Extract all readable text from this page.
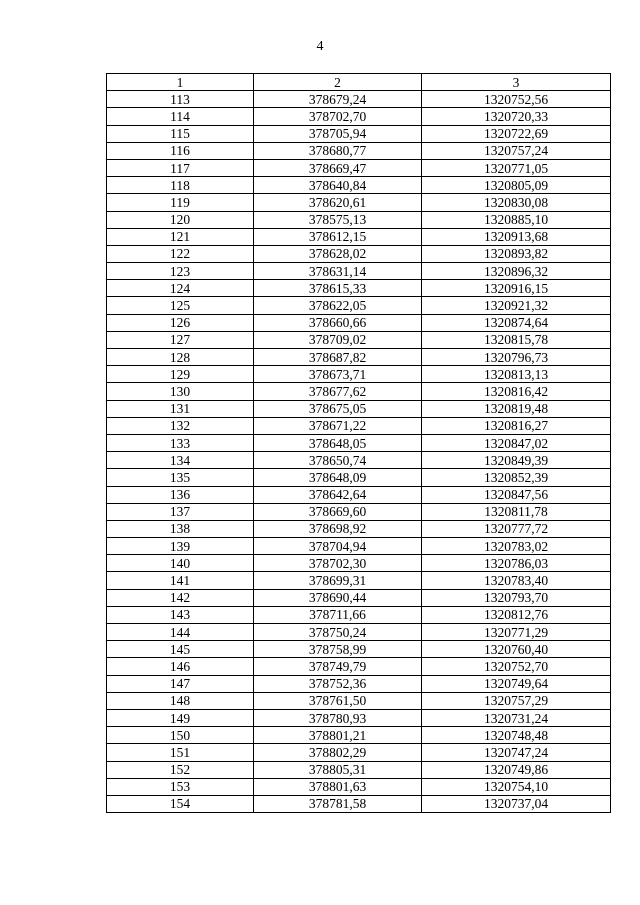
4
1	2	3
113	378679,24	1320752,56
114	378702,70	1320720,33
115	378705,94	1320722,69
116	378680,77	1320757,24
117	378669,47	1320771,05
118	378640,84	1320805,09
119	378620,61	1320830,08
120	378575,13	1320885,10
121	378612,15	1320913,68
122	378628,02	1320893,82
123	378631,14	1320896,32
124	378615,33	1320916,15
125	378622,05	1320921,32
126	378660,66	1320874,64
127	378709,02	1320815,78
128	378687,82	1320796,73
129	378673,71	1320813,13
130	378677,62	1320816,42
131	378675,05	1320819,48
132	378671,22	1320816,27
133	378648,05	1320847,02
134	378650,74	1320849,39
135	378648,09	1320852,39
136	378642,64	1320847,56
137	378669,60	1320811,78
138	378698,92	1320777,72
139	378704,94	1320783,02
140	378702,30	1320786,03
141	378699,31	1320783,40
142	378690,44	1320793,70
143	378711,66	1320812,76
144	378750,24	1320771,29
145	378758,99	1320760,40
146	378749,79	1320752,70
147	378752,36	1320749,64
148	378761,50	1320757,29
149	378780,93	1320731,24
150	378801,21	1320748,48
151	378802,29	1320747,24
152	378805,31	1320749,86
153	378801,63	1320754,10
154	378781,58	1320737,04
